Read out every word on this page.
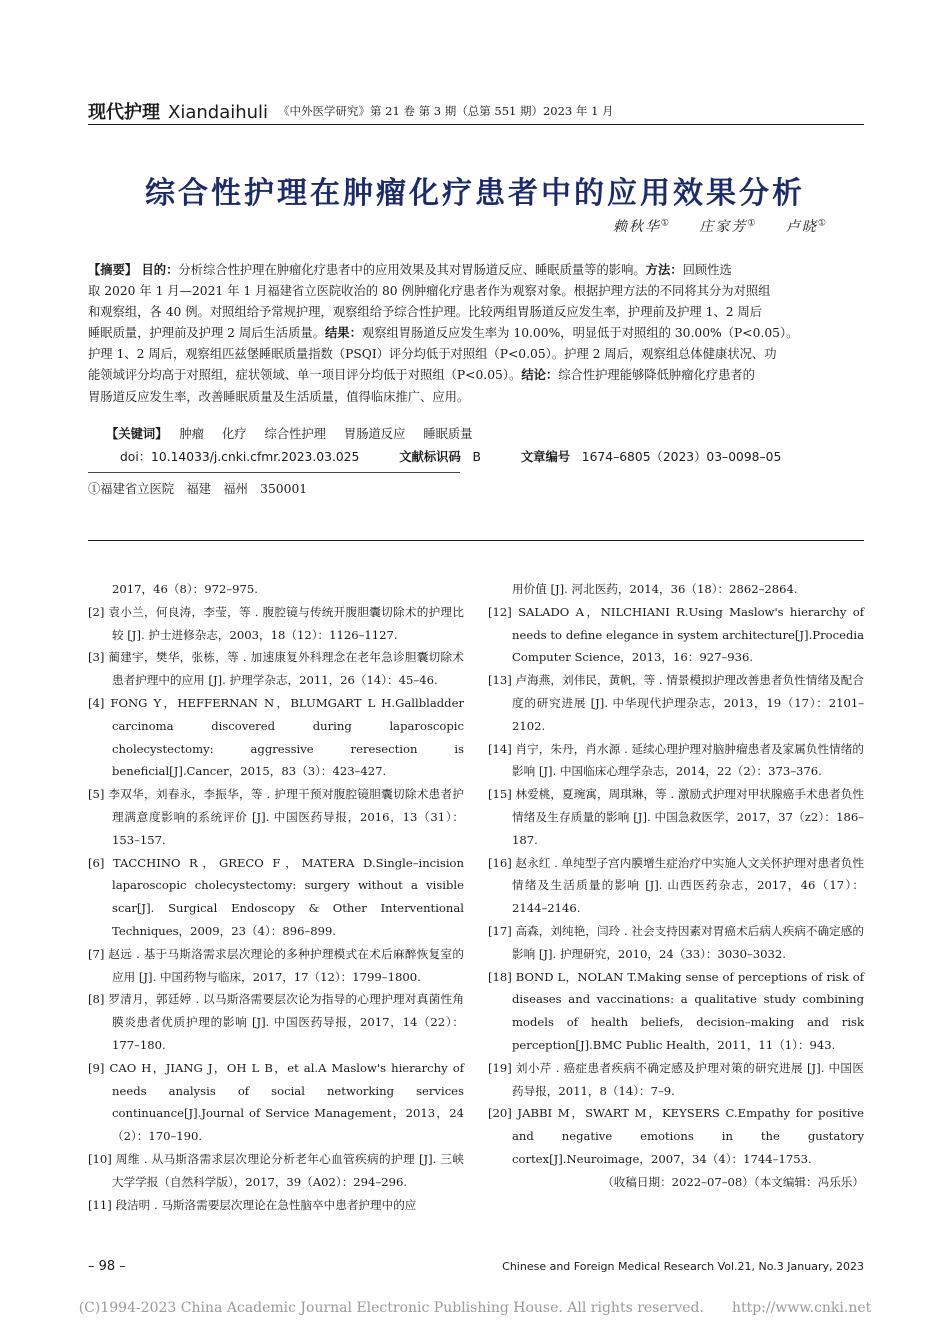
现代护理 Xiandaihuli 《中外医学研究》第 21 卷 第 3 期（总第 551 期）2023 年 1 月
综合性护理在肿瘤化疗患者中的应用效果分析
赖秋华① 庄家芳① 卢晓①
【摘要】 目的：分析综合性护理在肿瘤化疗患者中的应用效果及其对胃肠道反应、睡眠质量等的影响。方法：回顾性选
取 2020 年 1 月—2021 年 1 月福建省立医院收治的 80 例肿瘤化疗患者作为观察对象。根据护理方法的不同将其分为对照组
和观察组，各 40 例。对照组给予常规护理，观察组给予综合性护理。比较两组胃肠道反应发生率，护理前及护理 1、2 周后
睡眠质量，护理前及护理 2 周后生活质量。结果：观察组胃肠道反应发生率为 10.00%，明显低于对照组的 30.00%（P<0.05）。
护理 1、2 周后，观察组匹兹堡睡眠质量指数（PSQI）评分均低于对照组（P<0.05）。护理 2 周后，观察组总体健康状况、功
能领域评分均高于对照组，症状领域、单一项目评分均低于对照组（P<0.05）。结论：综合性护理能够降低肿瘤化疗患者的
胃肠道反应发生率，改善睡眠质量及生活质量，值得临床推广、应用。
【关键词】 肿瘤 化疗 综合性护理 胃肠道反应 睡眠质量
doi：10.14033/j.cnki.cfmr.2023.03.025	文献标识码 B	文章编号 1674–6805（2023）03–0098–05
①福建省立医院　福建　福州　350001
2017，46（8）：972–975.
[2] 袁小兰，何良涛，李莹，等 . 腹腔镜与传统开腹胆囊切除术的护理比较 [J]. 护士进修杂志，2003，18（12）：1126–1127.
[3] 蔺建宇，樊华，张栋，等 . 加速康复外科理念在老年急诊胆囊切除术患者护理中的应用 [J]. 护理学杂志，2011，26（14）：45–46.
[4] FONG Y，HEFFERNAN N，BLUMGART L H.Gallbladder carcinoma discovered during laparoscopic cholecystectomy: aggressive reresection is beneficial[J].Cancer，2015，83（3）：423–427.
[5] 李双华，刘春永，李振华，等 . 护理干预对腹腔镜胆囊切除术患者护理满意度影响的系统评价 [J]. 中国医药导报，2016，13（31）：153–157.
[6] TACCHINO R，GRECO F，MATERA D.Single–incision laparoscopic cholecystectomy: surgery without a visible scar[J]. Surgical Endoscopy & Other Interventional Techniques，2009，23（4）：896–899.
[7] 赵远 . 基于马斯洛需求层次理论的多种护理模式在术后麻醉恢复室的应用 [J]. 中国药物与临床，2017，17（12）：1799–1800.
[8] 罗清月，郭廷婷 . 以马斯洛需要层次论为指导的心理护理对真菌性角膜炎患者优质护理的影响 [J]. 中国医药导报，2017，14（22）：177–180.
[9] CAO H，JIANG J，OH L B，et al.A Maslow's hierarchy of needs analysis of social networking services continuance[J].Journal of Service Management，2013，24（2）：170–190.
[10] 周维 . 从马斯洛需求层次理论分析老年心血管疾病的护理 [J]. 三峡大学学报（自然科学版），2017，39（A02）：294–296.
[11] 段洁明 . 马斯洛需要层次理论在急性脑卒中患者护理中的应
用价值 [J]. 河北医药，2014，36（18）：2862–2864.
[12] SALADO A，NILCHIANI R.Using Maslow's hierarchy of needs to define elegance in system architecture[J].Procedia Computer Science，2013，16：927–936.
[13] 卢海燕，刘伟民，黄帆，等 . 情景模拟护理改善患者负性情绪及配合度的研究进展 [J]. 中华现代护理杂志，2013，19（17）：2101–2102.
[14] 肖宁，朱丹，肖水源 . 延续心理护理对脑肿瘤患者及家属负性情绪的影响 [J]. 中国临床心理学杂志，2014，22（2）：373–376.
[15] 林爱桃，夏琬寓，周琪琳，等 . 激励式护理对甲状腺癌手术患者负性情绪及生存质量的影响 [J]. 中国急救医学，2017，37（z2）：186–187.
[16] 赵永红 . 单纯型子宫内膜增生症治疗中实施人文关怀护理对患者负性情绪及生活质量的影响 [J]. 山西医药杂志，2017，46（17）：2144–2146.
[17] 高森，刘纯艳，闫玲 . 社会支持因素对胃癌术后病人疾病不确定感的影响 [J]. 护理研究，2010，24（33）：3030–3032.
[18] BOND L，NOLAN T.Making sense of perceptions of risk of diseases and vaccinations: a qualitative study combining models of health beliefs, decision–making and risk perception[J].BMC Public Health，2011，11（1）：943.
[19] 刘小芹 . 癌症患者疾病不确定感及护理对策的研究进展 [J]. 中国医药导报，2011，8（14）：7–9.
[20] JABBI M，SWART M，KEYSERS C.Empathy for positive and negative emotions in the gustatory cortex[J].Neuroimage，2007，34（4）：1744–1753.
（收稿日期：2022–07–08）（本文编辑：冯乐乐）
– 98 –	Chinese and Foreign Medical Research Vol.21, No.3 January, 2023
(C)1994-2023 China Academic Journal Electronic Publishing House. All rights reserved.　　http://www.cnki.net
